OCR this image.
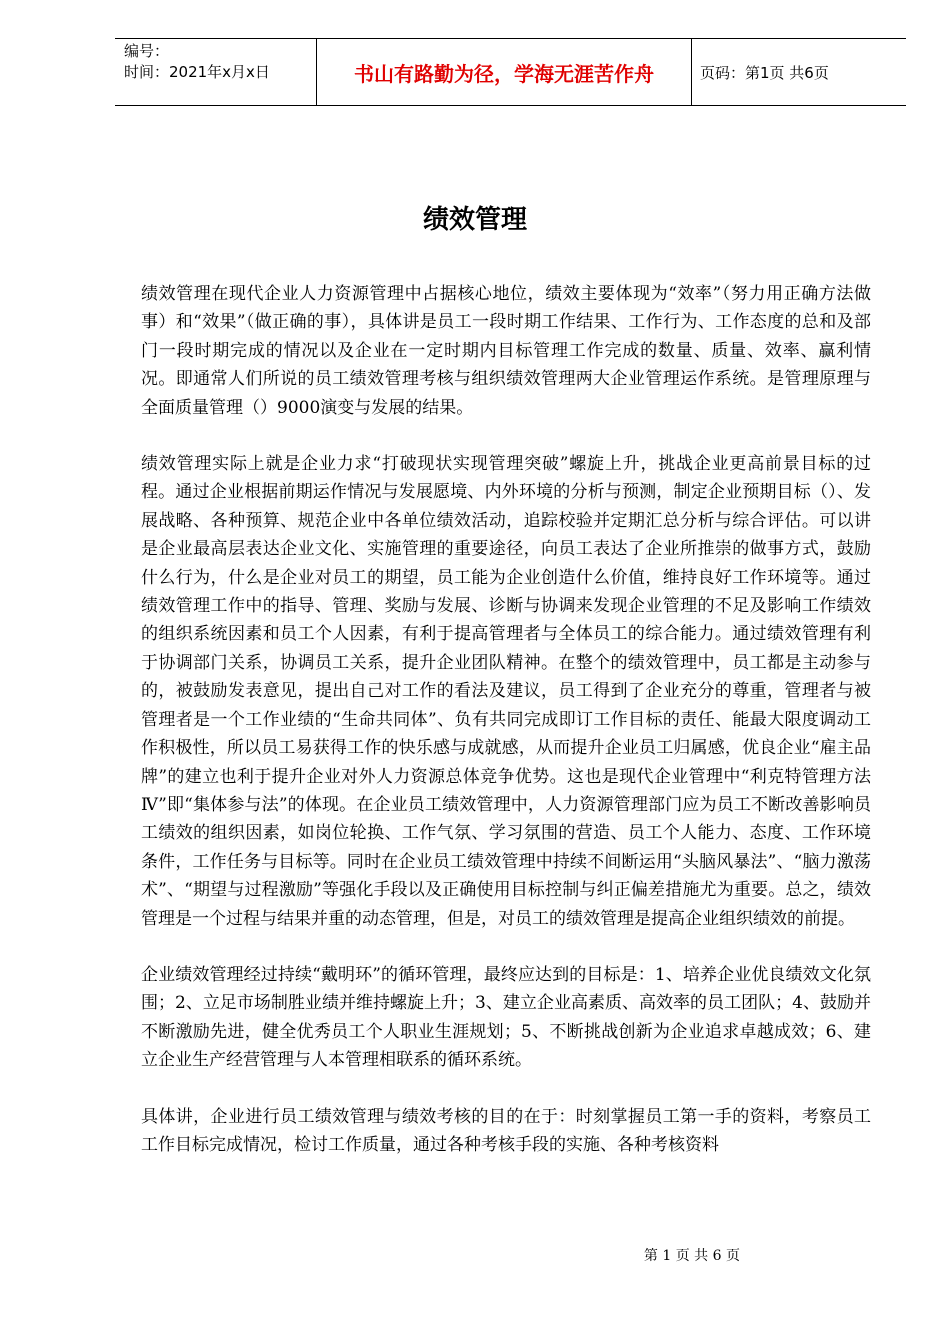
编号：
时间：2021年x月x日	书山有路勤为径，学海无涯苦作舟	页码：第1页 共6页
绩效管理

绩效管理在现代企业人力资源管理中占据核心地位，绩效主要体现为“效率”（努力用正确方法做事）和“效果”（做正确的事），具体讲是员工一段时期工作结果、工作行为、工作态度的总和及部门一段时期完成的情况以及企业在一定时期内目标管理工作完成的数量、质量、效率、赢利情况。即通常人们所说的员工绩效管理考核与组织绩效管理两大企业管理运作系统。是管理原理与全面质量管理（）9000演变与发展的结果。

绩效管理实际上就是企业力求“打破现状实现管理突破”螺旋上升，挑战企业更高前景目标的过程。通过企业根据前期运作情况与发展愿境、内外环境的分析与预测，制定企业预期目标（）、发展战略、各种预算、规范企业中各单位绩效活动，追踪校验并定期汇总分析与综合评估。可以讲是企业最高层表达企业文化、实施管理的重要途径，向员工表达了企业所推崇的做事方式，鼓励什么行为，什么是企业对员工的期望，员工能为企业创造什么价值，维持良好工作环境等。通过绩效管理工作中的指导、管理、奖励与发展、诊断与协调来发现企业管理的不足及影响工作绩效的组织系统因素和员工个人因素，有利于提高管理者与全体员工的综合能力。通过绩效管理有利于协调部门关系，协调员工关系，提升企业团队精神。在整个的绩效管理中，员工都是主动参与的，被鼓励发表意见，提出自己对工作的看法及建议，员工得到了企业充分的尊重，管理者与被管理者是一个工作业绩的“生命共同体”、负有共同完成即订工作目标的责任、能最大限度调动工作积极性，所以员工易获得工作的快乐感与成就感，从而提升企业员工归属感，优良企业“雇主品牌”的建立也利于提升企业对外人力资源总体竞争优势。这也是现代企业管理中“利克特管理方法Ⅳ”即“集体参与法”的体现。在企业员工绩效管理中，人力资源管理部门应为员工不断改善影响员工绩效的组织因素，如岗位轮换、工作气氛、学习氛围的营造、员工个人能力、态度、工作环境条件，工作任务与目标等。同时在企业员工绩效管理中持续不间断运用“头脑风暴法”、“脑力激荡术”、“期望与过程激励”等强化手段以及正确使用目标控制与纠正偏差措施尤为重要。总之，绩效管理是一个过程与结果并重的动态管理，但是，对员工的绩效管理是提高企业组织绩效的前提。

企业绩效管理经过持续“戴明环”的循环管理，最终应达到的目标是：1、培养企业优良绩效文化氛围；2、立足市场制胜业绩并维持螺旋上升；3、建立企业高素质、高效率的员工团队；4、鼓励并不断激励先进，健全优秀员工个人职业生涯规划；5、不断挑战创新为企业追求卓越成效；6、建立企业生产经营管理与人本管理相联系的循环系统。

具体讲，企业进行员工绩效管理与绩效考核的目的在于：时刻掌握员工第一手的资料，考察员工工作目标完成情况，检讨工作质量，通过各种考核手段的实施、各种考核资料

第 1 页 共 6 页
